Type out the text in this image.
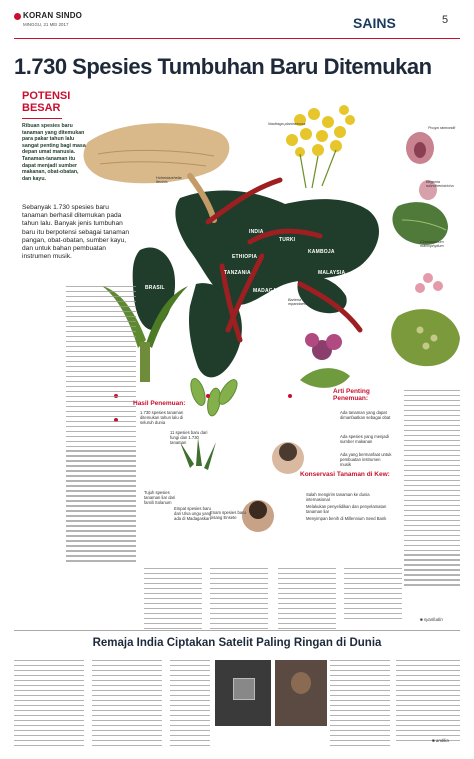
KORAN SINDO
MINGGU, 21 MEI 2017	SAINS	5
1.730 Spesies Tumbuhan Baru Ditemukan
INDIA
TURKI
BRASIL
KAMBOJA
MALAYSIA
ETHIOPIA
TANZANIA
MADAGASKAR
Hohenbuehelia flexinis
Naufraga planiramosa
Pouya raimondii
Begonia rubrotheriotricha
Cinnamomum macrophyllum
Barleria mpandaensis
POTENSI BESAR
Ribuan spesies baru tanaman yang ditemukan para pakar tahun lalu sangat penting bagi masa depan umat manusia. Tanaman-tanaman itu dapat menjadi sumber makanan, obat-obatan, dan kayu.
Sebanyak 1.730 spesies baru tanaman berhasil ditemukan pada tahun lalu. Banyak jenis tumbuhan baru itu berpotensi sebagai tanaman pangan, obat-obatan, sumber kayu, dan untuk bahan pembuatan instrumen musik.
■ syarifudin
Hasil Penemuan:
1.730 spesies tanaman ditemukan tahun lalu di seluruh dunia
11 spesies baru dari fungi dan 1.730 tanaman
Tujuh spesies tanaman liar dari famili Solanum
Empat spesies baru dari Ulva ungu yang ada di Madagaskar
Enam spesies baru pisang Ensete
Arti Penting Penemuan:
Ada tanaman yang dapat dimanfaatkan sebagai obat
Ada spesies yang menjadi sumber makanan
Ada yang bermanfaat untuk pembuatan instrumen musik
Konservasi Tanaman di Kew:
Salah mengirim tanaman ke dunia internasional
Melakukan penyelidikan dan penyelamatan tanaman liar
Menyimpan benih di Millennium Seed Bank
Remaja India Ciptakan Satelit Paling Ringan di Dunia
■ andika
